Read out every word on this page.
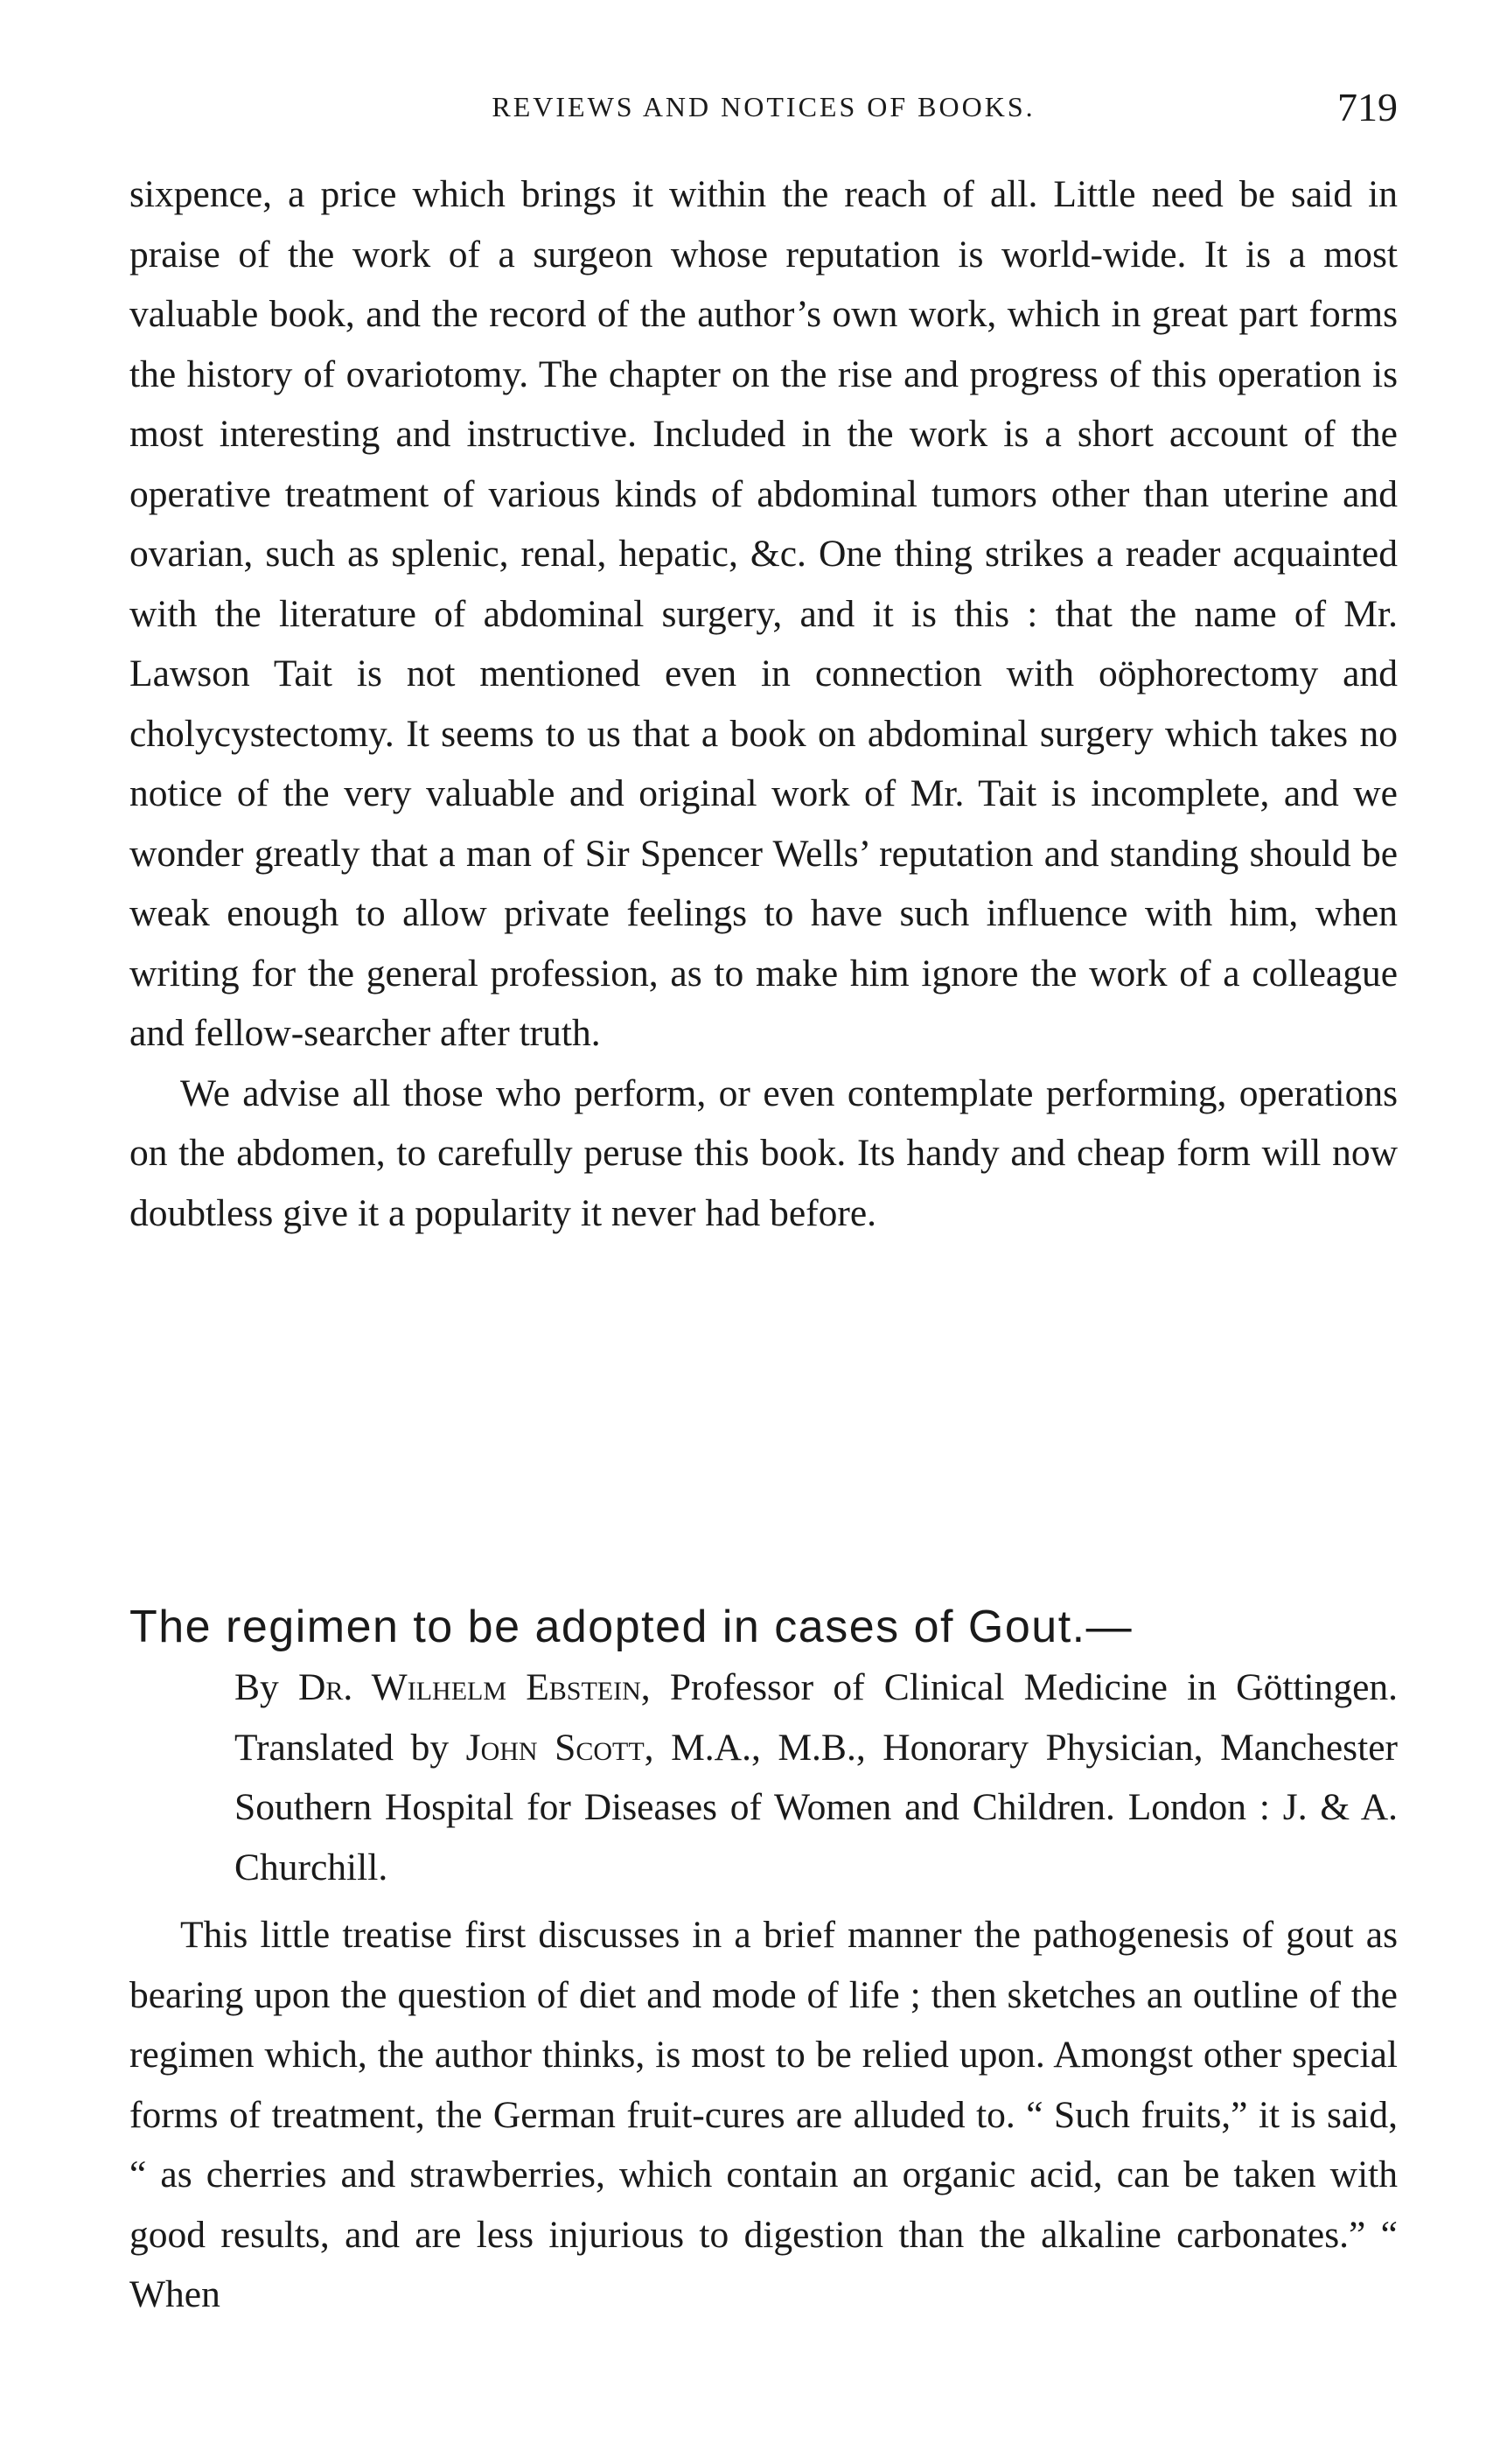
REVIEWS AND NOTICES OF BOOKS.	719

sixpence, a price which brings it within the reach of all. Little need be said in praise of the work of a surgeon whose reputation is world-wide. It is a most valuable book, and the record of the author’s own work, which in great part forms the history of ovariotomy. The chapter on the rise and progress of this operation is most interesting and instructive. Included in the work is a short account of the operative treatment of various kinds of abdominal tumors other than uterine and ovarian, such as splenic, renal, hepatic, &c. One thing strikes a reader acquainted with the literature of abdominal surgery, and it is this : that the name of Mr. Lawson Tait is not mentioned even in connection with oöphorectomy and cholycystectomy. It seems to us that a book on abdominal surgery which takes no notice of the very valuable and original work of Mr. Tait is incomplete, and we wonder greatly that a man of Sir Spencer Wells’ reputation and standing should be weak enough to allow private feelings to have such influence with him, when writing for the general profession, as to make him ignore the work of a colleague and fellow-searcher after truth.

We advise all those who perform, or even contemplate performing, operations on the abdomen, to carefully peruse this book. Its handy and cheap form will now doubtless give it a popularity it never had before.

The regimen to be adopted in cases of Gout.—

By Dr. Wilhelm Ebstein, Professor of Clinical Medicine in Göttingen. Translated by John Scott, M.A., M.B., Honorary Physician, Manchester Southern Hospital for Diseases of Women and Children. London : J. & A. Churchill.

This little treatise first discusses in a brief manner the pathogenesis of gout as bearing upon the question of diet and mode of life ; then sketches an outline of the regimen which, the author thinks, is most to be relied upon. Amongst other special forms of treatment, the German fruit-cures are alluded to. “ Such fruits,” it is said, “ as cherries and strawberries, which contain an organic acid, can be taken with good results, and are less injurious to digestion than the alkaline carbonates.” “ When
